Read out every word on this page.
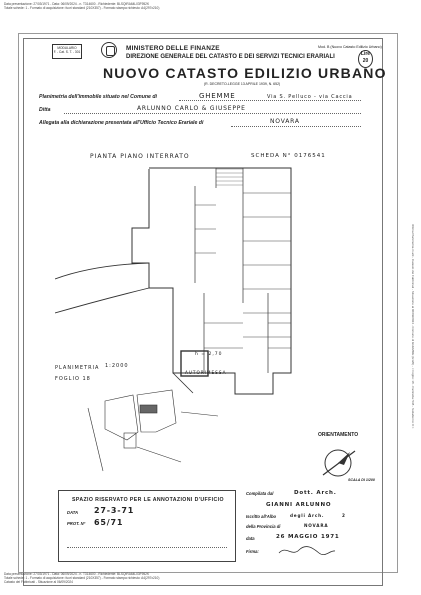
Data presentazione: 27/03/1971 - Data: 06/09/2024 - n. T314600 - Richiedente: BLSQIRA64L03F952K
Totale schede: 1 - Formato di acquisizione: fuori standard (210X357) - Formato stampa richiesto: A4(297x210)
Ultima Planimetria in atti - Catasto dei Fabbricati - Situazione al 06/09/2024 - Comune di GHEMME (E120) - < Foglio: 18 - Particella: 538 - Subalterno: 0 >
MODULARIO
F. - Cat. S. T. - 301	MINISTERO DELLE FINANZE
DIREZIONE GENERALE DEL CATASTO E DEI SERVIZI TECNICI ERARIALI
Mod. B (Nuovo Catasto Edilizio Urbano)
Lire
20
NUOVO CATASTO EDILIZIO URBANO
(R. DECRETO-LEGGE 13 APRILE 1939, N. 652)
Planimetria dell'immobile situato nel Comune di	GHEMME	Via S. Pelluco - via Caccia
Ditta	ARLUNNO CARLO & GIUSEPPE
Allegata alla dichiarazione presentata all'Ufficio Tecnico Erariale di	NOVARA
PIANTA PIANO INTERRATO	SCHEDA N° 0176541
h = 2,70
AUTORIMESSA
PLANIMETRIA 1:2000
FOGLIO 18
ORIENTAMENTO
SCALA DI 1/200
SPAZIO RISERVATO PER LE ANNOTAZIONI D'UFFICIO
DATA 27-3-71
PROT. N° 65/71
Compilata dal	Dott. Arch.
GIANNI ARLUNNO
Iscritto all'Albo	degli Arch.	2
della Provincia di	NOVARA
data	26 MAGGIO 1971
Firma:
Data presentazione: 27/03/1971 - Data: 06/09/2024 - n. T314600 - Richiedente: BLSQIRA64L03F952K
Totale schede: 1 - Formato di acquisizione: fuori standard (210X357) - Formato stampa richiesto: A4(297x210)
Catasto dei Fabbricati - Situazione al 06/09/2024
